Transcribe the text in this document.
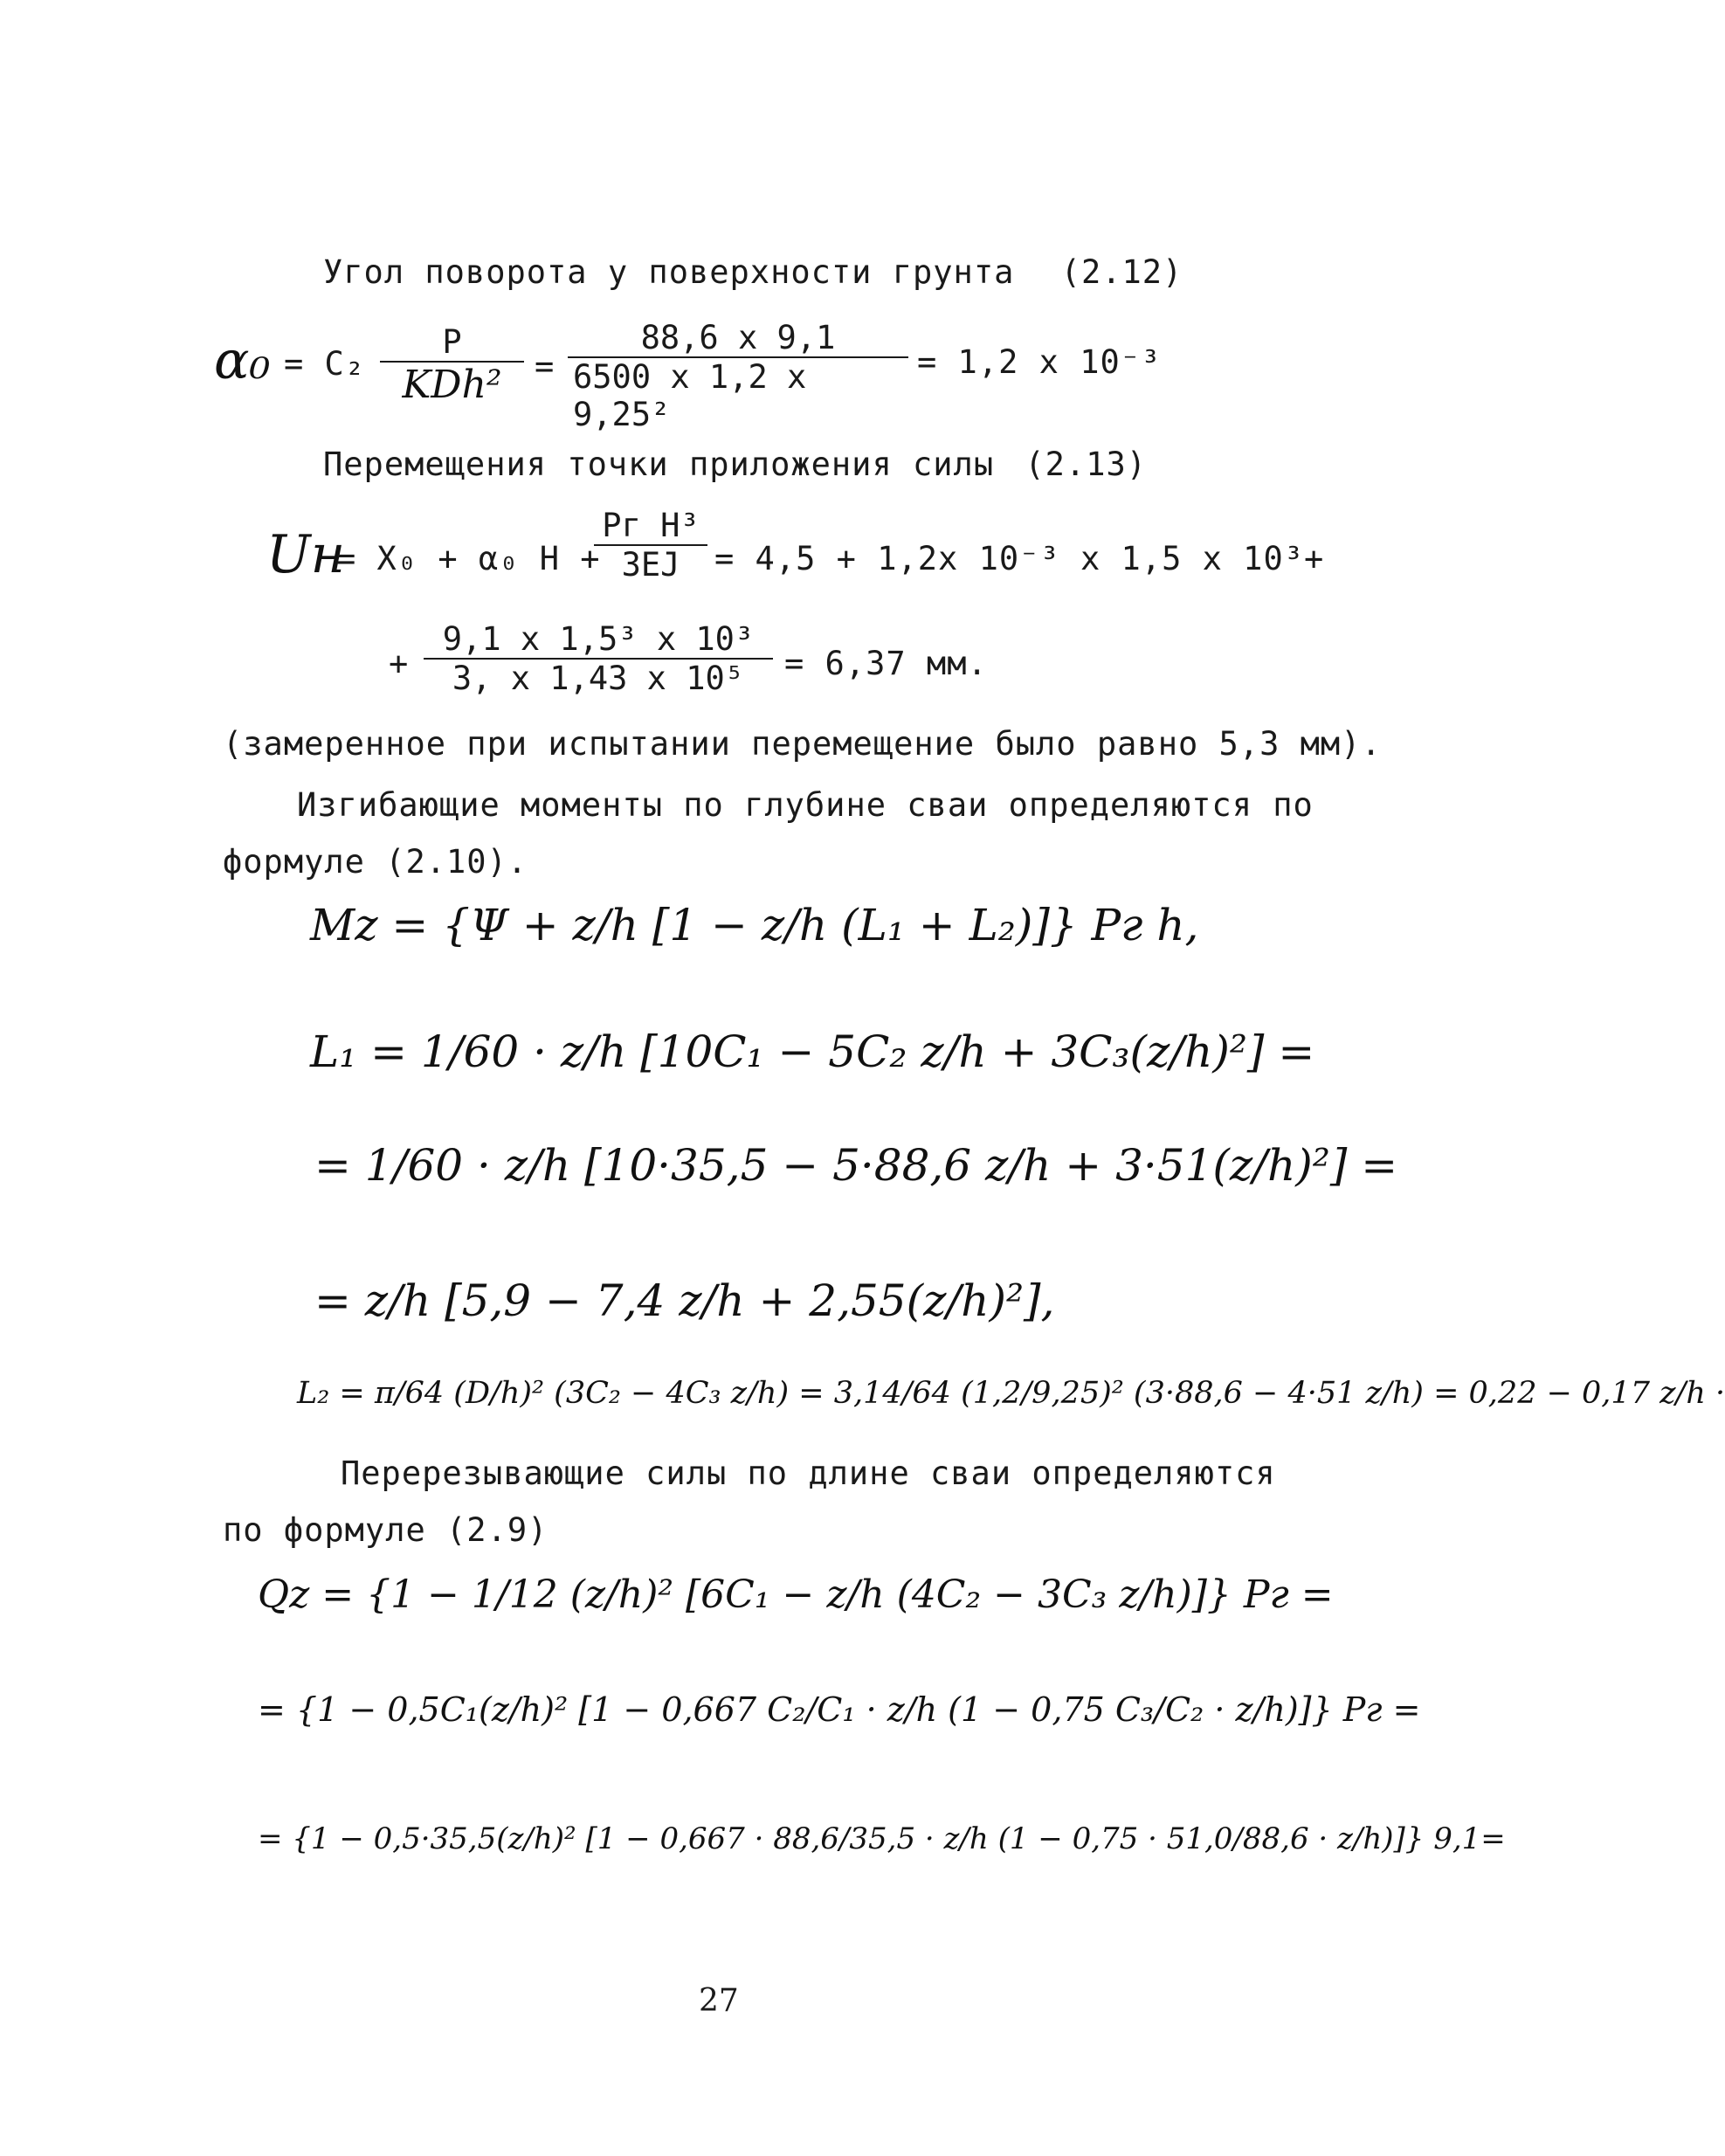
Угол поворота у поверхности грунта (2.12)
α₀ = C₂
P
KDh² =
88,6 x 9,1
6500 x 1,2 x 9,25²
= 1,2 x 10⁻³
Перемещения точки приложения силы (2.13)
Uн
= X₀ + α₀ H +
Pг H³
3EJ = 4,5 + 1,2x 10⁻³ x 1,5 x 10³+
+
9,1 x 1,5³ x 10³
3, x 1,43 x 10⁵ = 6,37 мм.
(замеренное при испытании перемещение было равно 5,3 мм).
Изгибающие моменты по глубине сваи определяются по
формуле (2.10).
Mz = {Ψ + z/h [1 − z/h (L₁ + L₂)]} Pг h,
L₁ = 1/60 · z/h [10C₁ − 5C₂ z/h + 3C₃(z/h)²] =
= 1/60 · z/h [10·35,5 − 5·88,6 z/h + 3·51(z/h)²] =
= z/h [5,9 − 7,4 z/h + 2,55(z/h)²],
L₂ = π/64 (D/h)² (3C₂ − 4C₃ z/h) = 3,14/64 (1,2/9,25)² (3·88,6 − 4·51 z/h) = 0,22 − 0,17 z/h ·
Перерезывающие силы по длине сваи определяются
по формуле (2.9)
Qz = {1 − 1/12 (z/h)² [6C₁ − z/h (4C₂ − 3C₃ z/h)]} Pг =
= {1 − 0,5C₁(z/h)² [1 − 0,667 C₂/C₁ · z/h (1 − 0,75 C₃/C₂ · z/h)]} Pг =
= {1 − 0,5·35,5(z/h)² [1 − 0,667 · 88,6/35,5 · z/h (1 − 0,75 · 51,0/88,6 · z/h)]} 9,1=
27
